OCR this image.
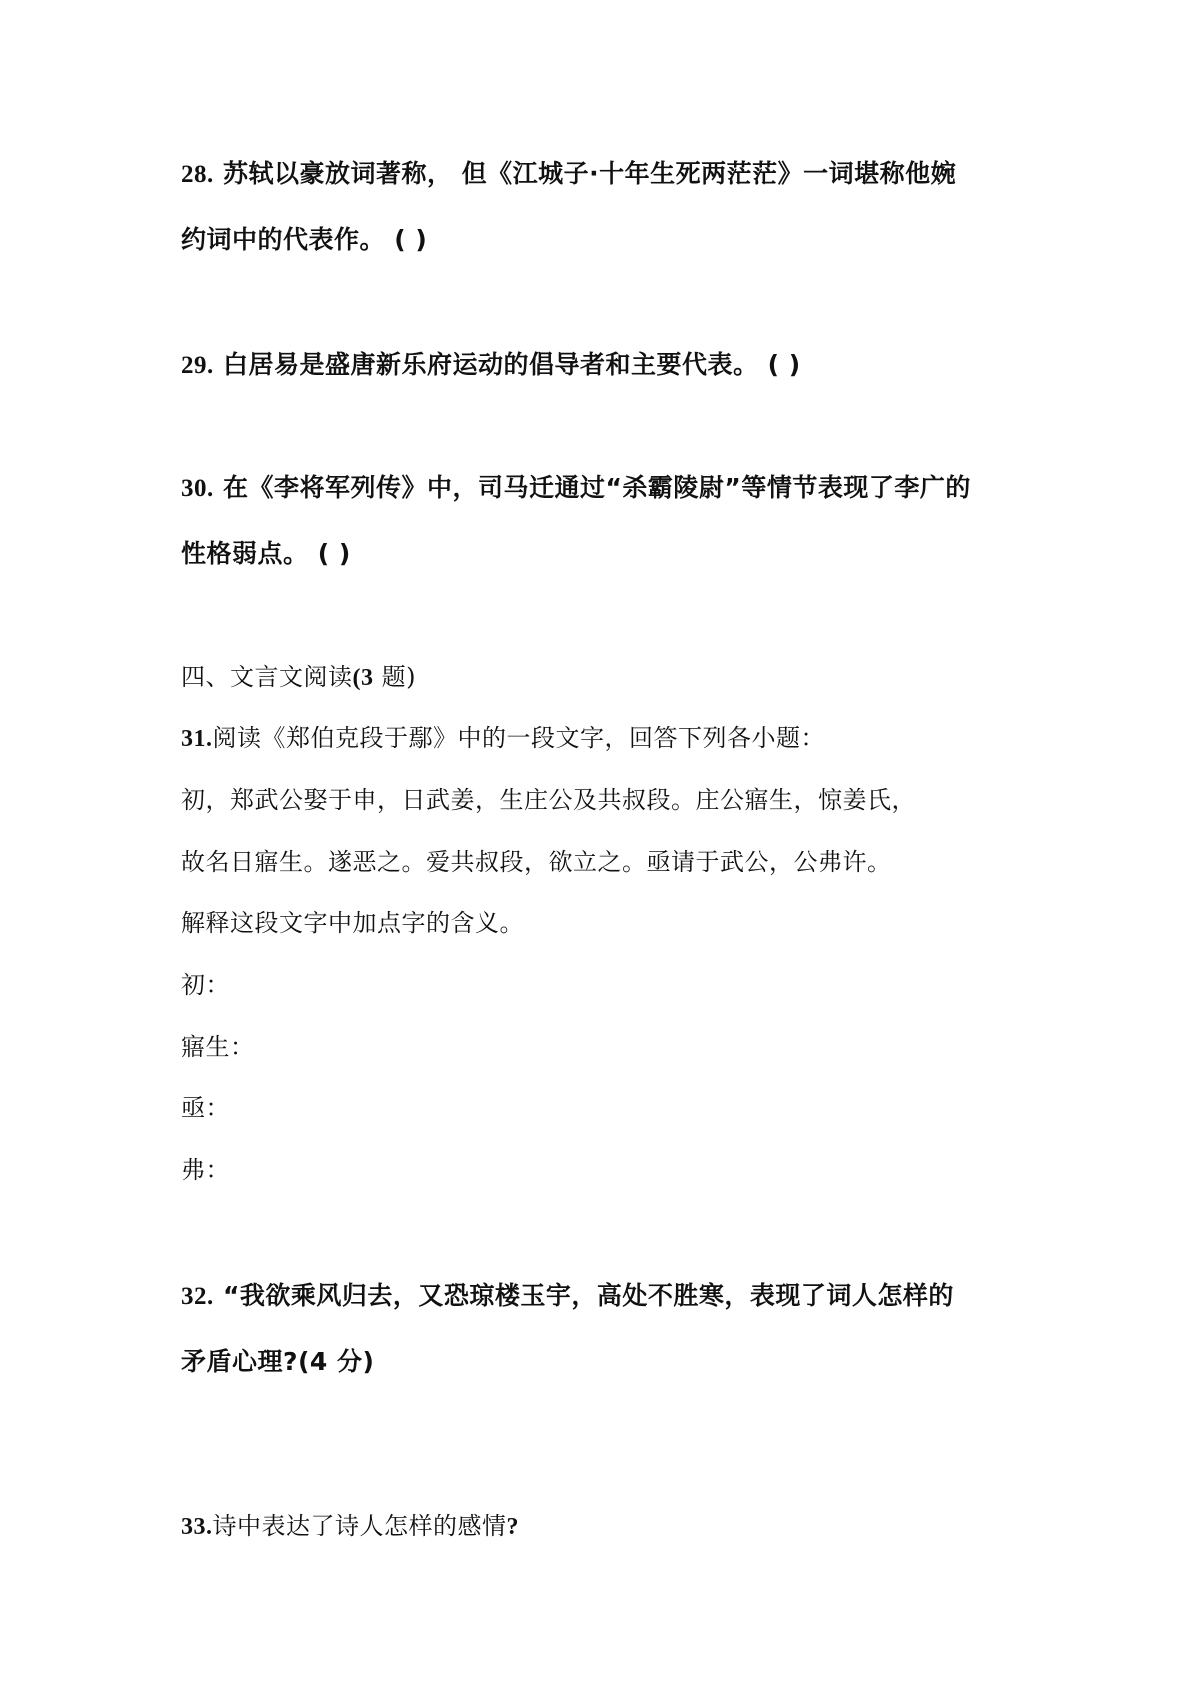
28. 苏轼以豪放词著称， 但《江城子·十年生死两茫茫》一词堪称他婉
约词中的代表作。 ( )
29. 白居易是盛唐新乐府运动的倡导者和主要代表。 ( )
30. 在《李将军列传》中，司马迁通过“杀霸陵尉”等情节表现了李广的
性格弱点。 ( )
四、文言文阅读(3 题)
31.阅读《郑伯克段于鄢》中的一段文字，回答下列各小题：
初，郑武公娶于申，日武姜，生庄公及共叔段。庄公寤生，惊姜氏，
故名日寤生。遂恶之。爱共叔段，欲立之。亟请于武公，公弗许。
解释这段文字中加点字的含义。
初：
寤生：
亟：
弗：
32. “我欲乘风归去，又恐琼楼玉宇，高处不胜寒，表现了词人怎样的
矛盾心理?(4 分)
33.诗中表达了诗人怎样的感情?
